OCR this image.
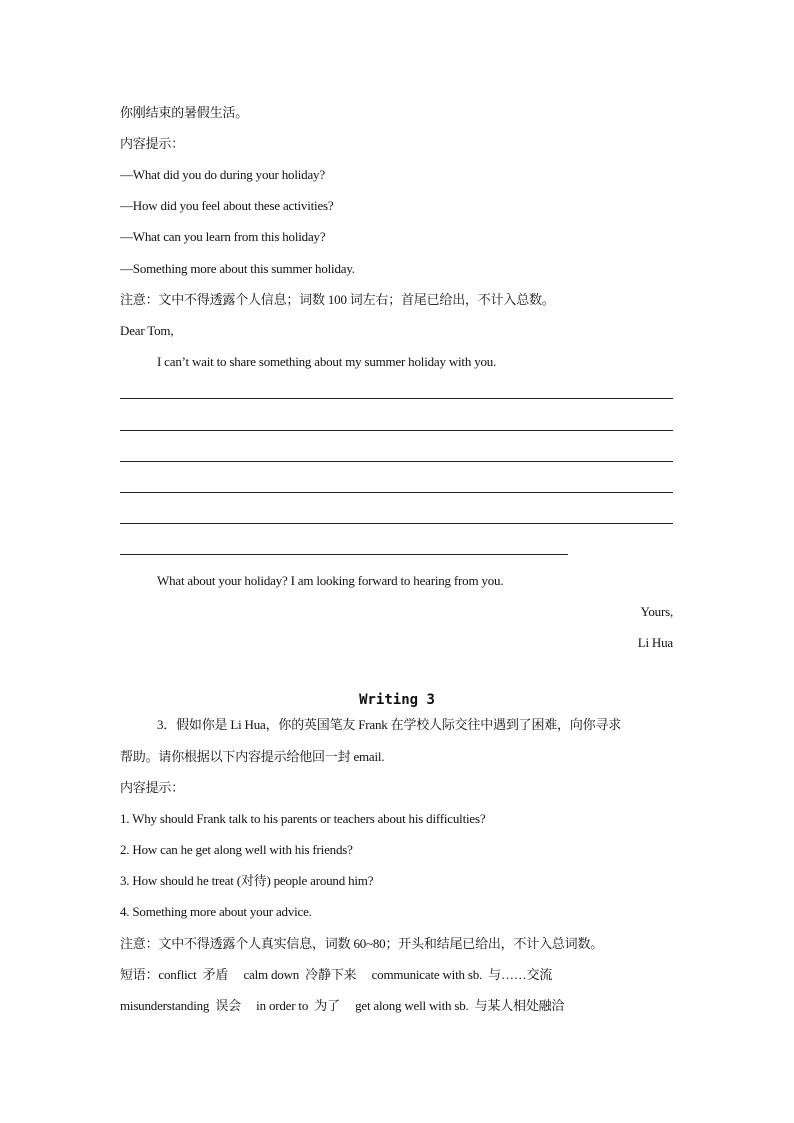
你刚结束的暑假生活。
内容提示：
—What did you do during your holiday?
—How did you feel about these activities?
—What can you learn from this holiday?
—Something more about this summer holiday.
注意：文中不得透露个人信息；词数 100 词左右；首尾已给出，不计入总数。
Dear Tom,
I can’t wait to share something about my summer holiday with you.
What about your holiday? I am looking forward to hearing from you.
Yours,
Li Hua
Writing 3
3．假如你是 Li Hua，你的英国笔友 Frank 在学校人际交往中遇到了困难，向你寻求
帮助。请你根据以下内容提示给他回一封 email.
内容提示：
1. Why should Frank talk to his parents or teachers about his difficulties?
2. How can he get along well with his friends?
3. How should he treat (对待) people around him?
4. Something more about your advice.
注意：文中不得透露个人真实信息，词数 60~80；开头和结尾已给出，不计入总词数。
短语：conflict  矛盾     calm down  冷静下来     communicate with sb.  与……交流
misunderstanding  误会     in order to  为了     get along well with sb.  与某人相处融洽
